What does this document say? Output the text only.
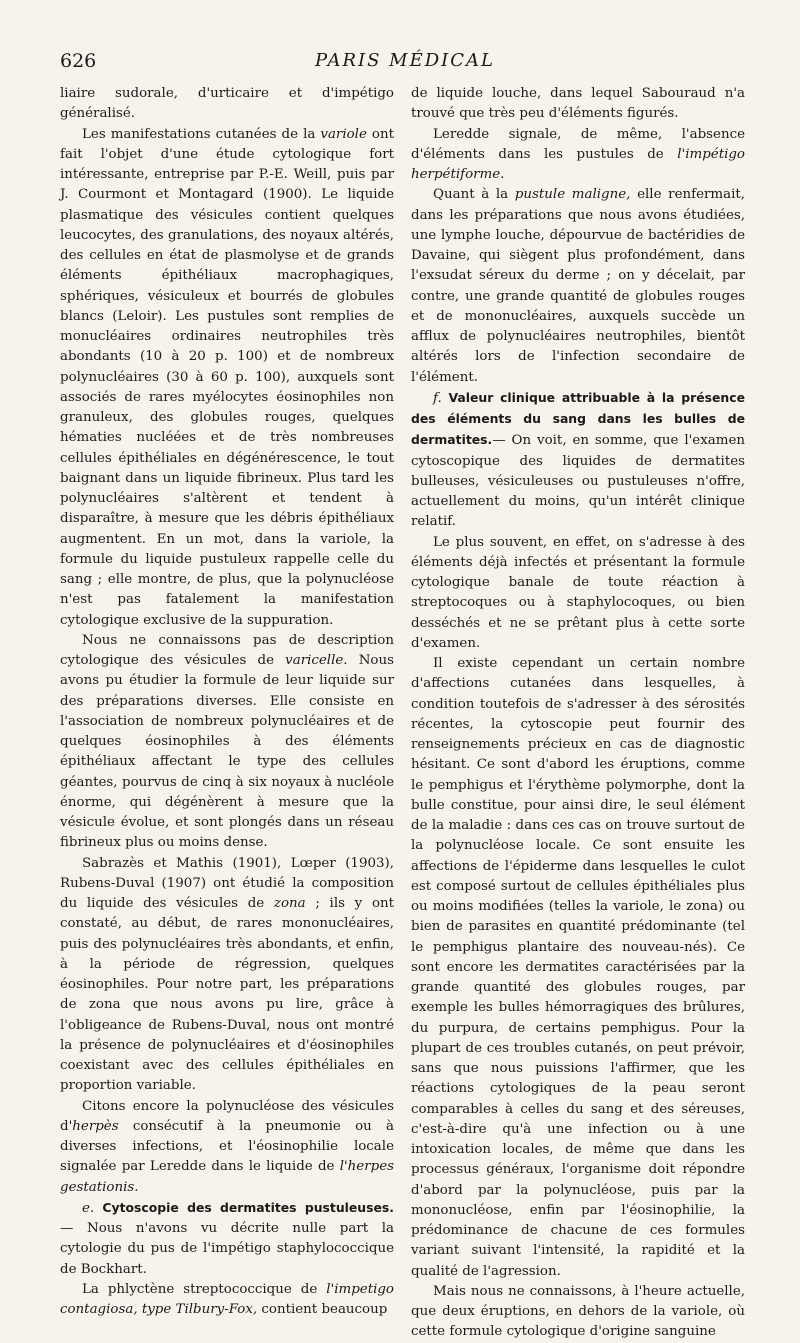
626	PARIS MÉDICAL

liaire sudorale, d'urticaire et d'impétigo généralisé.

Les manifestations cutanées de la variole ont fait l'objet d'une étude cytologique fort intéressante, entreprise par P.-E. Weill, puis par J. Courmont et Montagard (1900). Le liquide plasmatique des vésicules contient quelques leucocytes, des granulations, des noyaux altérés, des cellules en état de plasmolyse et de grands éléments épithéliaux macrophagiques, sphériques, vésiculeux et bourrés de globules blancs (Leloir). Les pustules sont remplies de monucléaires ordinaires neutrophiles très abondants (10 à 20 p. 100) et de nombreux polynucléaires (30 à 60 p. 100), auxquels sont associés de rares myélocytes éosinophiles non granuleux, des globules rouges, quelques hématies nucléées et de très nombreuses cellules épithéliales en dégénérescence, le tout baignant dans un liquide fibrineux. Plus tard les polynucléaires s'altèrent et tendent à disparaître, à mesure que les débris épithéliaux augmentent. En un mot, dans la variole, la formule du liquide pustuleux rappelle celle du sang ; elle montre, de plus, que la polynucléose n'est pas fatalement la manifestation cytologique exclusive de la suppuration.

Nous ne connaissons pas de description cytologique des vésicules de varicelle. Nous avons pu étudier la formule de leur liquide sur des préparations diverses. Elle consiste en l'association de nombreux polynucléaires et de quelques éosinophiles à des éléments épithéliaux affectant le type des cellules géantes, pourvus de cinq à six noyaux à nucléole énorme, qui dégénèrent à mesure que la vésicule évolue, et sont plongés dans un réseau fibrineux plus ou moins dense.

Sabrazès et Mathis (1901), Lœper (1903), Rubens-Duval (1907) ont étudié la composition du liquide des vésicules de zona ; ils y ont constaté, au début, de rares mononucléaires, puis des polynucléaires très abondants, et enfin, à la période de régression, quelques éosinophiles. Pour notre part, les préparations de zona que nous avons pu lire, grâce à l'obligeance de Rubens-Duval, nous ont montré la présence de polynucléaires et d'éosinophiles coexistant avec des cellules épithéliales en proportion variable.

Citons encore la polynucléose des vésicules d'herpès consécutif à la pneumonie ou à diverses infections, et l'éosinophilie locale signalée par Leredde dans le liquide de l'herpes gestationis.

e. Cytoscopie des dermatites pustuleuses. — Nous n'avons vu décrite nulle part la cytologie du pus de l'impétigo staphylococcique de Bockhart.

La phlyctène streptococcique de l'impetigo contagiosa, type Tilbury-Fox, contient beaucoup

de liquide louche, dans lequel Sabouraud n'a trouvé que très peu d'éléments figurés.

Leredde signale, de même, l'absence d'éléments dans les pustules de l'impétigo herpétiforme.

Quant à la pustule maligne, elle renfermait, dans les préparations que nous avons étudiées, une lymphe louche, dépourvue de bactéridies de Davaine, qui siègent plus profondément, dans l'exsudat séreux du derme ; on y décelait, par contre, une grande quantité de globules rouges et de mononucléaires, auxquels succède un afflux de polynucléaires neutrophiles, bientôt altérés lors de l'infection secondaire de l'élément.

f. Valeur clinique attribuable à la présence des éléments du sang dans les bulles de dermatites.— On voit, en somme, que l'examen cytoscopique des liquides de dermatites bulleuses, vésiculeuses ou pustuleuses n'offre, actuellement du moins, qu'un intérêt clinique relatif.

Le plus souvent, en effet, on s'adresse à des éléments déjà infectés et présentant la formule cytologique banale de toute réaction à streptocoques ou à staphylocoques, ou bien desséchés et ne se prêtant plus à cette sorte d'examen.

Il existe cependant un certain nombre d'affections cutanées dans lesquelles, à condition toutefois de s'adresser à des sérosités récentes, la cytoscopie peut fournir des renseignements précieux en cas de diagnostic hésitant. Ce sont d'abord les éruptions, comme le pemphigus et l'érythème polymorphe, dont la bulle constitue, pour ainsi dire, le seul élément de la maladie : dans ces cas on trouve surtout de la polynucléose locale. Ce sont ensuite les affections de l'épiderme dans lesquelles le culot est composé surtout de cellules épithéliales plus ou moins modifiées (telles la variole, le zona) ou bien de parasites en quantité prédominante (tel le pemphigus plantaire des nouveau-nés). Ce sont encore les dermatites caractérisées par la grande quantité des globules rouges, par exemple les bulles hémorragiques des brûlures, du purpura, de certains pemphigus. Pour la plupart de ces troubles cutanés, on peut prévoir, sans que nous puissions l'affirmer, que les réactions cytologiques de la peau seront comparables à celles du sang et des séreuses, c'est-à-dire qu'à une infection ou à une intoxication locales, de même que dans les processus généraux, l'organisme doit répondre d'abord par la polynucléose, puis par la mononucléose, enfin par l'éosinophilie, la prédominance de chacune de ces formules variant suivant l'intensité, la rapidité et la qualité de l'agression.

Mais nous ne connaissons, à l'heure actuelle, que deux éruptions, en dehors de la variole, où cette formule cytologique d'origine sanguine
